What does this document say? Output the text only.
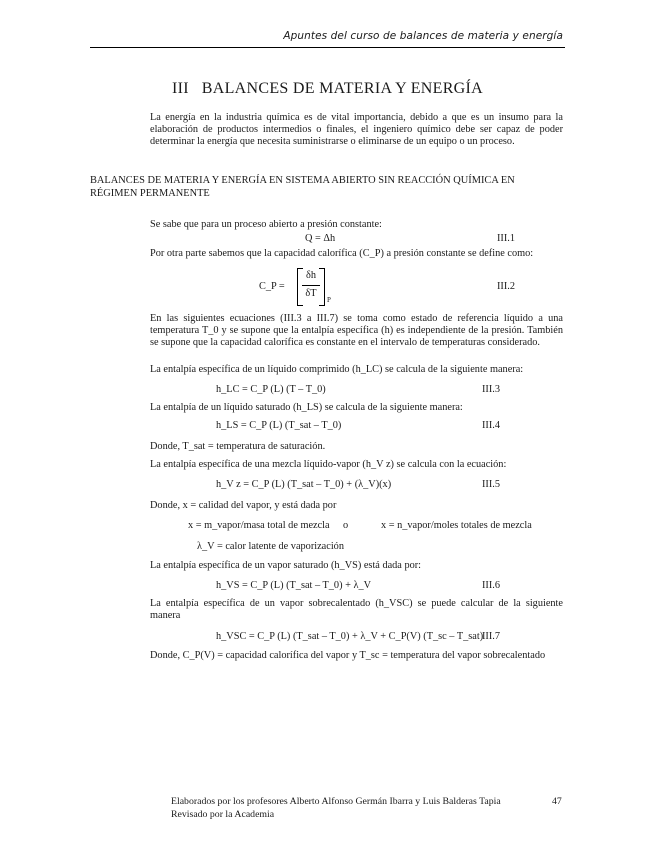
Apuntes del curso de balances de materia y energía
III   BALANCES DE MATERIA Y ENERGÍA
La energía en la industria química es de vital importancia, debido a que es un insumo para la elaboración de productos intermedios o finales, el ingeniero químico debe ser capaz de poder determinar la energía que necesita suministrarse o eliminarse de un equipo o un proceso.
BALANCES DE MATERIA Y ENERGÍA EN SISTEMA ABIERTO SIN REACCIÓN QUÍMICA EN RÉGIMEN PERMANENTE
Se sabe que para un proceso abierto a presión constante:
Q = Δh	III.1
Por otra parte sabemos que la capacidad calorífica (C_P) a presión constante se define como:
C_P =
δh
δT
P
III.2
En las siguientes ecuaciones (III.3 a III.7) se toma como estado de referencia líquido a una temperatura T_0 y se supone que la entalpía específica (h) es independiente de la presión. También se supone que la capacidad calorífica es constante en el intervalo de temperaturas considerado.
La entalpía específica de un líquido comprimido (h_LC) se calcula de la siguiente manera:
h_LC = C_P (L) (T – T_0)	III.3
La entalpía de un líquido saturado (h_LS) se calcula de la siguiente manera:
h_LS = C_P (L) (T_sat – T_0)	III.4
Donde, T_sat = temperatura de saturación.
La entalpía específica de una mezcla líquido-vapor (h_V z) se calcula con la ecuación:
h_V z = C_P (L) (T_sat – T_0) + (λ_V)(x)	III.5
Donde, x = calidad del vapor, y está dada por
x = m_vapor/masa total de mezcla o	x = n_vapor/moles totales de mezcla
λ_V = calor latente de vaporización
La entalpía específica de un vapor saturado (h_VS) está dada por:
h_VS = C_P (L) (T_sat – T_0) + λ_V	III.6
La entalpía específica de un vapor sobrecalentado (h_VSC) se puede calcular de la siguiente manera
h_VSC = C_P (L) (T_sat – T_0) + λ_V + C_P(V) (T_sc – T_sat)
III.7
Donde, C_P(V) = capacidad calorífica del vapor y T_sc = temperatura del vapor sobrecalentado
Elaborados por los profesores Alberto Alfonso Germán Ibarra y Luis Balderas Tapia
Revisado por la Academia
47
